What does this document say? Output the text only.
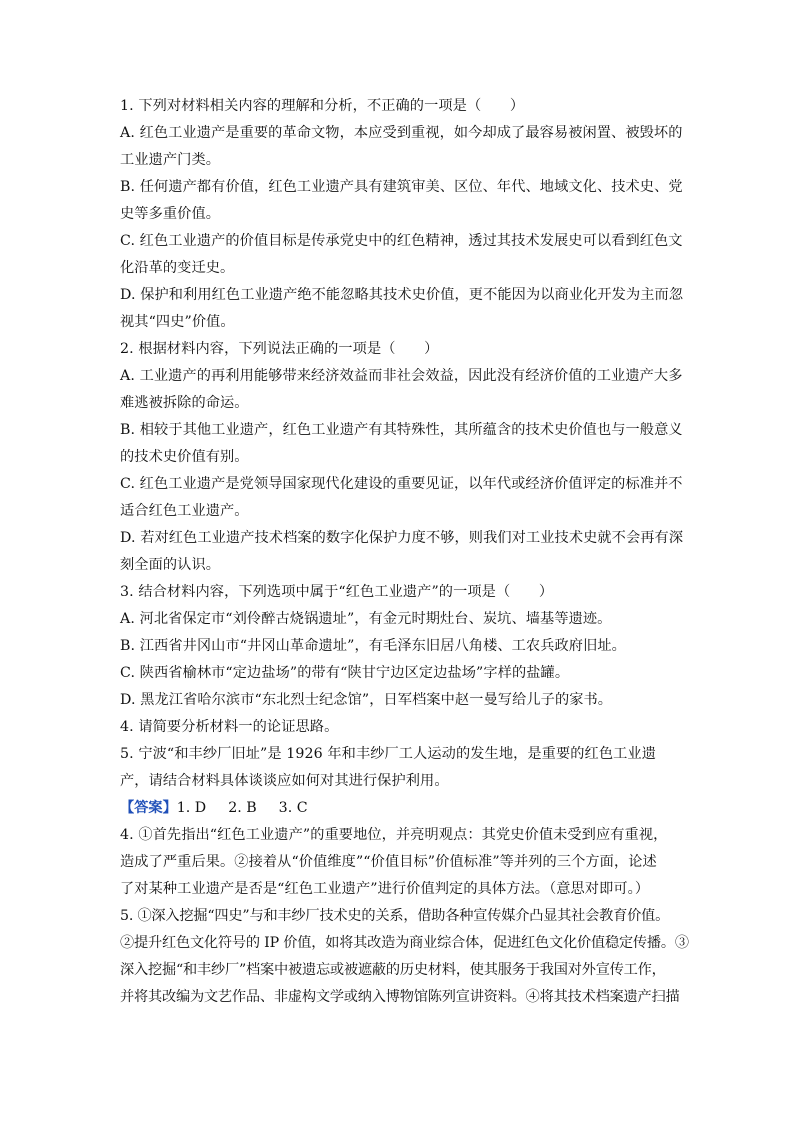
1. 下列对材料相关内容的理解和分析，不正确的一项是（　　）
A. 红色工业遗产是重要的革命文物，本应受到重视，如今却成了最容易被闲置、被毁坏的
工业遗产门类。
B. 任何遗产都有价值，红色工业遗产具有建筑审美、区位、年代、地域文化、技术史、党
史等多重价值。
C. 红色工业遗产的价值目标是传承党史中的红色精神，透过其技术发展史可以看到红色文
化沿革的变迁史。
D. 保护和利用红色工业遗产绝不能忽略其技术史价值，更不能因为以商业化开发为主而忽
视其“四史”价值。
2. 根据材料内容，下列说法正确的一项是（　　）
A. 工业遗产的再利用能够带来经济效益而非社会效益，因此没有经济价值的工业遗产大多
难逃被拆除的命运。
B. 相较于其他工业遗产，红色工业遗产有其特殊性，其所蕴含的技术史价值也与一般意义
的技术史价值有别。
C. 红色工业遗产是党领导国家现代化建设的重要见证，以年代或经济价值评定的标准并不
适合红色工业遗产。
D. 若对红色工业遗产技术档案的数字化保护力度不够，则我们对工业技术史就不会再有深
刻全面的认识。
3. 结合材料内容，下列选项中属于“红色工业遗产”的一项是（　　）
A. 河北省保定市“刘伶醉古烧锅遗址”，有金元时期灶台、炭坑、墙基等遗迹。
B. 江西省井冈山市“井冈山革命遗址”，有毛泽东旧居八角楼、工农兵政府旧址。
C. 陕西省榆林市“定边盐场”的带有“陕甘宁边区定边盐场”字样的盐罐。
D. 黑龙江省哈尔滨市“东北烈士纪念馆”，日军档案中赵一曼写给儿子的家书。
4. 请简要分析材料一的论证思路。
5. 宁波“和丰纱厂旧址”是 1926 年和丰纱厂工人运动的发生地，是重要的红色工业遗
产，请结合材料具体谈谈应如何对其进行保护利用。
【答案】1. D 2. B 3. C
4. ①首先指出“红色工业遗产”的重要地位，并亮明观点：其党史价值未受到应有重视，
造成了严重后果。②接着从“价值维度”“价值目标”价值标准”等并列的三个方面，论述
了对某种工业遗产是否是“红色工业遗产”进行价值判定的具体方法。（意思对即可。）
5. ①深入挖掘“四史”与和丰纱厂技术史的关系，借助各种宣传媒介凸显其社会教育价值。
②提升红色文化符号的 IP 价值，如将其改造为商业综合体，促进红色文化价值稳定传播。③
深入挖掘“和丰纱厂”档案中被遗忘或被遮蔽的历史材料，使其服务于我国对外宣传工作，
并将其改编为文艺作品、非虚构文学或纳入博物馆陈列宣讲资料。④将其技术档案遗产扫描
